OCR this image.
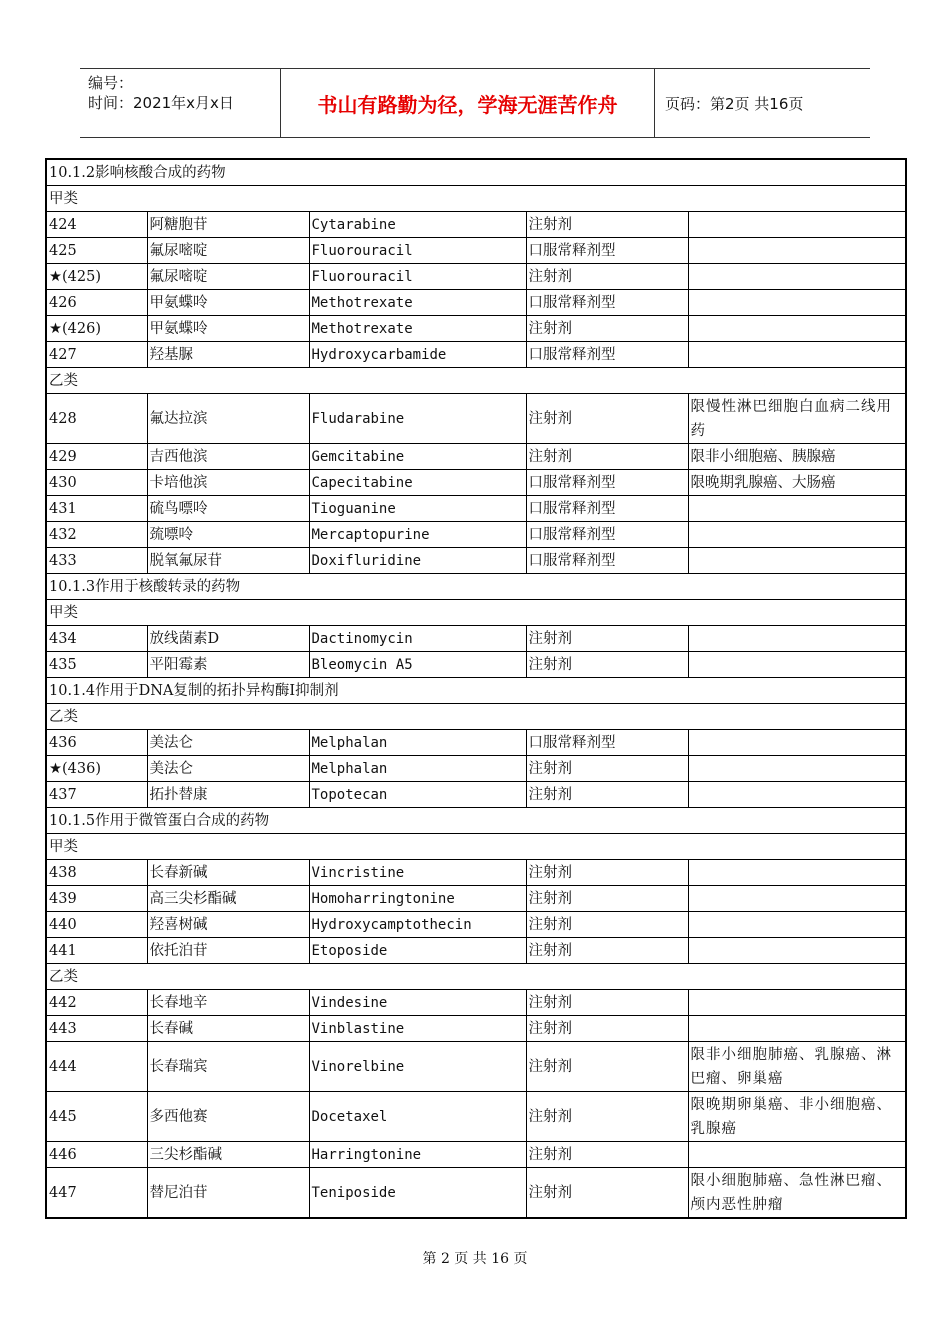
编号：
时间：2021年x月x日	书山有路勤为径，学海无涯苦作舟	页码：第2页 共16页
10.1.2影响核酸合成的药物				
甲类				
424	阿糖胞苷	Cytarabine	注射剂	
425	氟尿嘧啶	Fluorouracil	口服常释剂型	
★(425)	氟尿嘧啶	Fluorouracil	注射剂	
426	甲氨蝶呤	Methotrexate	口服常释剂型	
★(426)	甲氨蝶呤	Methotrexate	注射剂	
427	羟基脲	Hydroxycarbamide	口服常释剂型	
乙类				
428	氟达拉滨	Fludarabine	注射剂	限慢性淋巴细胞白血病二线用药
429	吉西他滨	Gemcitabine	注射剂	限非小细胞癌、胰腺癌
430	卡培他滨	Capecitabine	口服常释剂型	限晚期乳腺癌、大肠癌
431	硫鸟嘌呤	Tioguanine	口服常释剂型	
432	巯嘌呤	Mercaptopurine	口服常释剂型	
433	脱氧氟尿苷	Doxifluridine	口服常释剂型	
10.1.3作用于核酸转录的药物				
甲类				
434	放线菌素D	Dactinomycin	注射剂	
435	平阳霉素	Bleomycin A5	注射剂	
10.1.4作用于DNA复制的拓扑异构酶I抑制剂				
乙类				
436	美法仑	Melphalan	口服常释剂型	
★(436)	美法仑	Melphalan	注射剂	
437	拓扑替康	Topotecan	注射剂	
10.1.5作用于微管蛋白合成的药物				
甲类				
438	长春新碱	Vincristine	注射剂	
439	高三尖杉酯碱	Homoharringtonine	注射剂	
440	羟喜树碱	Hydroxycamptothecin	注射剂	
441	依托泊苷	Etoposide	注射剂	
乙类				
442	长春地辛	Vindesine	注射剂	
443	长春碱	Vinblastine	注射剂	
444	长春瑞宾	Vinorelbine	注射剂	限非小细胞肺癌、乳腺癌、淋巴瘤、卵巢癌
445	多西他赛	Docetaxel	注射剂	限晚期卵巢癌、非小细胞癌、乳腺癌
446	三尖杉酯碱	Harringtonine	注射剂	
447	替尼泊苷	Teniposide	注射剂	限小细胞肺癌、急性淋巴瘤、颅内恶性肿瘤
第 2 页 共 16 页
